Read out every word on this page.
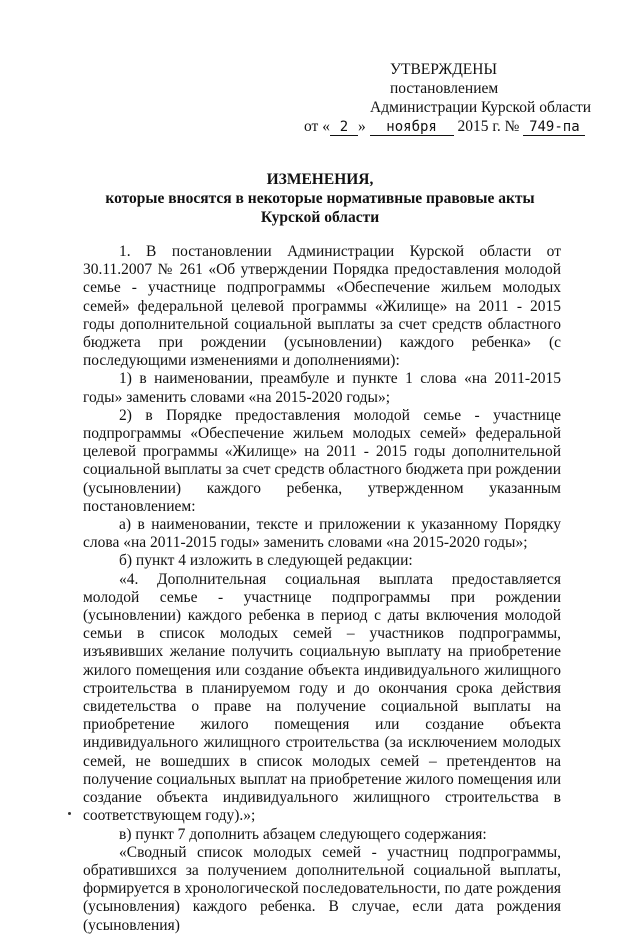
УТВЕРЖДЕНЫ
постановлением
Администрации Курской области
от « 2 » ноября 2015 г. № 749-па
ИЗМЕНЕНИЯ,
которые вносятся в некоторые нормативные правовые акты
Курской области

1. В постановлении Администрации Курской области от 30.11.2007 № 261 «Об утверждении Порядка предоставления молодой семье - участнице подпрограммы «Обеспечение жильем молодых семей» федеральной целевой программы «Жилище» на 2011 - 2015 годы дополнительной социальной выплаты за счет средств областного бюджета при рождении (усыновлении) каждого ребенка» (с последующими изменениями и дополнениями):

1) в наименовании, преамбуле и пункте 1 слова «на 2011-2015 годы» заменить словами «на 2015-2020 годы»;

2) в Порядке предоставления молодой семье - участнице подпрограммы «Обеспечение жильем молодых семей» федеральной целевой программы «Жилище» на 2011 - 2015 годы дополнительной социальной выплаты за счет средств областного бюджета при рождении (усыновлении) каждого ребенка, утвержденном указанным постановлением:

а) в наименовании, тексте и приложении к указанному Порядку слова «на 2011-2015 годы» заменить словами «на 2015-2020 годы»;

б) пункт 4 изложить в следующей редакции:

«4. Дополнительная социальная выплата предоставляется молодой семье - участнице подпрограммы при рождении (усыновлении) каждого ребенка в период с даты включения молодой семьи в список молодых семей – участников подпрограммы, изъявивших желание получить социальную выплату на приобретение жилого помещения или создание объекта индивидуального жилищного строительства в планируемом году и до окончания срока действия свидетельства о праве на получение социальной выплаты на приобретение жилого помещения или создание объекта индивидуального жилищного строительства (за исключением молодых семей, не вошедших в список молодых семей – претендентов на получение социальных выплат на приобретение жилого помещения или создание объекта индивидуального жилищного строительства в соответствующем году).»;

в) пункт 7 дополнить абзацем следующего содержания:

«Сводный список молодых семей - участниц подпрограммы, обратившихся за получением дополнительной социальной выплаты, формируется в хронологической последовательности, по дате рождения (усыновления) каждого ребенка. В случае, если дата рождения (усыновления)
